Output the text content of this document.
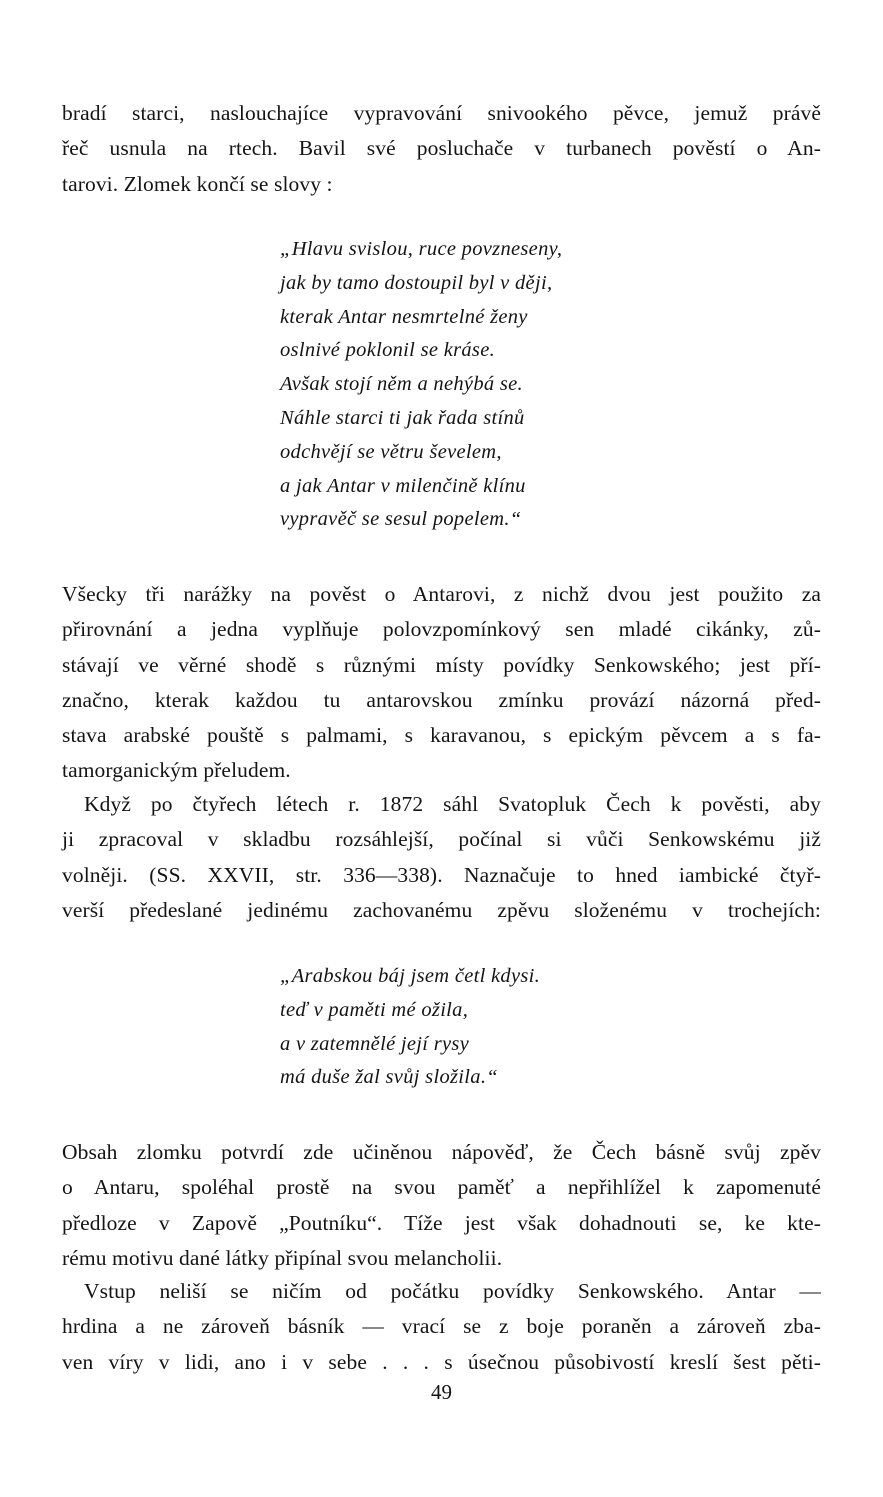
bradí starci, naslouchajíce vypravování snivookého pěvce, jemuž právě
řeč usnula na rtech. Bavil své posluchače v turbanech pověstí o An-
tarovi. Zlomek končí se slovy :
„Hlavu svislou, ruce povzneseny,
jak by tamo dostoupil byl v ději,
kterak Antar nesmrtelné ženy
oslnivé poklonil se kráse.
Avšak stojí něm a nehýbá se.
Náhle starci ti jak řada stínů
odchvějí se větru ševelem,
a jak Antar v milenčině klínu
vypravěč se sesul popelem.“
Všecky tři narážky na pověst o Antarovi, z nichž dvou jest použito za
přirovnání a jedna vyplňuje polovzpomínkový sen mladé cikánky, zů-
stávají ve věrné shodě s různými místy povídky Senkowského; jest pří-
značno, kterak každou tu antarovskou zmínku provází názorná před-
stava arabské pouště s palmami, s karavanou, s epickým pěvcem a s fa-
tamorganickým přeludem.
Když po čtyřech létech r. 1872 sáhl Svatopluk Čech k pověsti, aby
ji zpracoval v skladbu rozsáhlejší, počínal si vůči Senkowskému již
volněji. (SS. XXVII, str. 336—338). Naznačuje to hned iambické čtyř-
verší předeslané jedinému zachovanému zpěvu složenému v trochejích:
„Arabskou báj jsem četl kdysi.
teď v paměti mé ožila,
a v zatemnělé její rysy
má duše žal svůj složila.“
Obsah zlomku potvrdí zde učiněnou nápověď, že Čech básně svůj zpěv
o Antaru, spoléhal prostě na svou paměť a nepřihlížel k zapomenuté
předloze v Zapově „Poutníku“. Tíže jest však dohadnouti se, ke kte-
rému motivu dané látky připínal svou melancholii.
Vstup neliší se ničím od počátku povídky Senkowského. Antar —
hrdina a ne zároveň básník — vrací se z boje poraněn a zároveň zba-
ven víry v lidi, ano i v sebe . . . s úsečnou působivostí kreslí šest pěti-
49
